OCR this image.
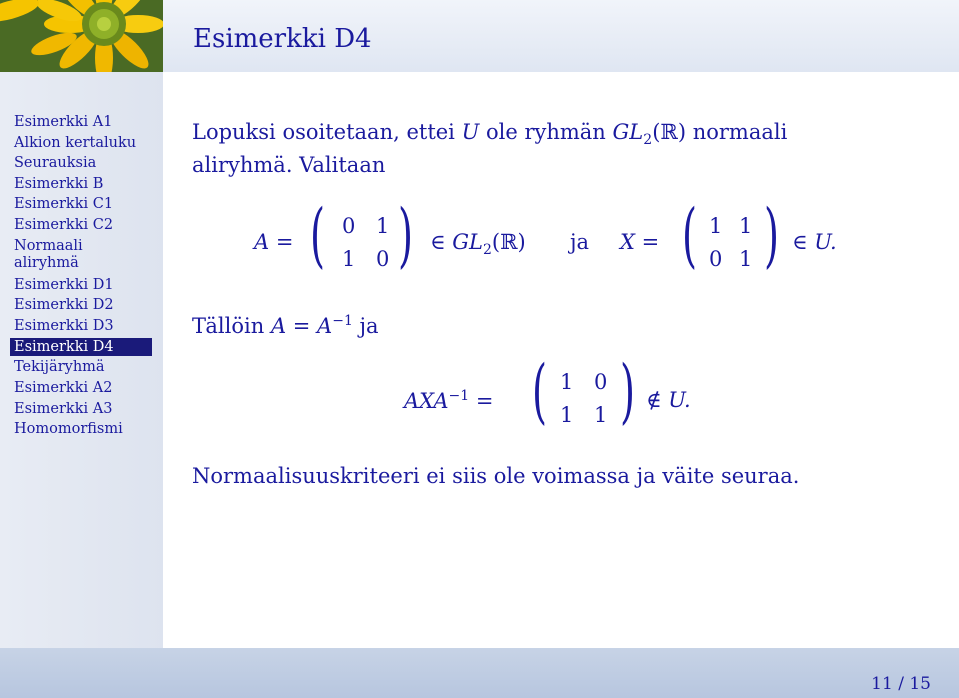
Esimerkki A1
Alkion kertaluku
Seurauksia
Esimerkki B
Esimerkki C1
Esimerkki C2
Normaali aliryhmä
Esimerkki D1
Esimerkki D2
Esimerkki D3
Esimerkki D4
Tekijäryhmä
Esimerkki A2
Esimerkki A3
Homomorfismi
Esimerkki D4
Lopuksi osoitetaan, ettei U ole ryhmän $GL_2(ℝ)$ normaali
aliryhmä. Valitaan
A = ( 0 1
1 0 ) ∈ $GL_2(ℝ)$ ja X = ( 1 1
0 1 ) ∈ U.
Tällöin $A = A^{-1}$ ja
$AXA^{-1}$ = ( 1 0
1 1 ) ∉ U.
Normaalisuuskriteeri ei siis ole voimassa ja väite seuraa.
11 / 15
